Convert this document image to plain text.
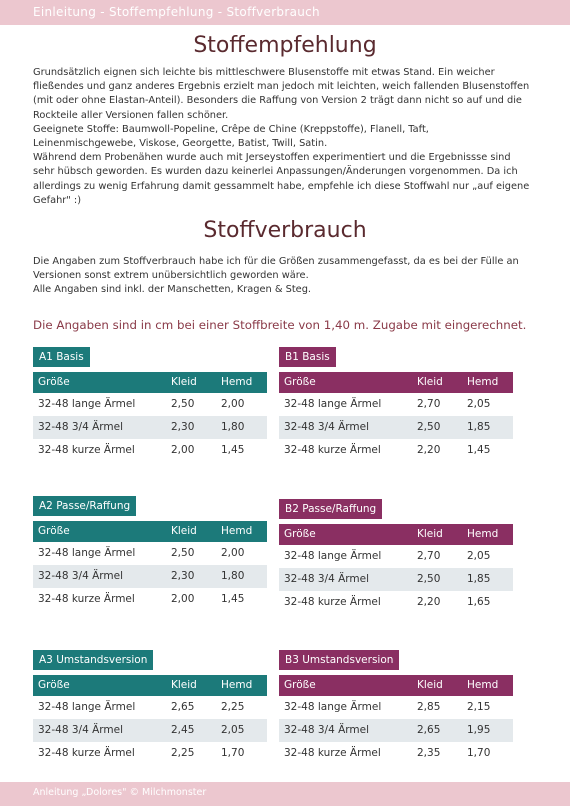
Einleitung - Stoffempfehlung - Stoffverbrauch
Stoffempfehlung

Grundsätzlich eignen sich leichte bis mittleschwere Blusenstoffe mit etwas Stand. Ein weicher fließendes und ganz anderes Ergebnis erzielt man jedoch mit leichten, weich fallenden Blusenstoffen (mit oder ohne Elastan-Anteil). Besonders die Raffung von Version 2 trägt dann nicht so auf und die Rockteile aller Versionen fallen schöner.

Geeignete Stoffe: Baumwoll-Popeline, Crêpe de Chine (Kreppstoffe), Flanell, Taft, Leinenmischgewebe, Viskose, Georgette, Batist, Twill, Satin.

Während dem Probenähen wurde auch mit Jerseystoffen experimentiert und die Ergebnissse sind sehr hübsch geworden. Es wurden dazu keinerlei Anpassungen/Änderungen vorgenommen. Da ich allerdings zu wenig Erfahrung damit gessammelt habe, empfehle ich diese Stoffwahl nur „auf eigene Gefahr" :)

Stoffverbrauch

Die Angaben zum Stoffverbrauch habe ich für die Größen zusammengefasst, da es bei der Fülle an Versionen sonst extrem unübersichtlich geworden wäre.

Alle Angaben sind inkl. der Manschetten, Kragen & Steg.

Die Angaben sind in cm bei einer Stoffbreite von 1,40 m. Zugabe mit eingerechnet.
A1 Basis
Größe	Kleid	Hemd
32-48 lange Ärmel	2,50	2,00
32-48 3/4 Ärmel	2,30	1,80
32-48 kurze Ärmel	2,00	1,45
B1 Basis
Größe	Kleid	Hemd
32-48 lange Ärmel	2,70	2,05
32-48 3/4 Ärmel	2,50	1,85
32-48 kurze Ärmel	2,20	1,45
A2 Passe/Raffung
Größe	Kleid	Hemd
32-48 lange Ärmel	2,50	2,00
32-48 3/4 Ärmel	2,30	1,80
32-48 kurze Ärmel	2,00	1,45
B2 Passe/Raffung
Größe	Kleid	Hemd
32-48 lange Ärmel	2,70	2,05
32-48 3/4 Ärmel	2,50	1,85
32-48 kurze Ärmel	2,20	1,65
A3 Umstandsversion
Größe	Kleid	Hemd
32-48 lange Ärmel	2,65	2,25
32-48 3/4 Ärmel	2,45	2,05
32-48 kurze Ärmel	2,25	1,70
B3 Umstandsversion
Größe	Kleid	Hemd
32-48 lange Ärmel	2,85	2,15
32-48 3/4 Ärmel	2,65	1,95
32-48 kurze Ärmel	2,35	1,70
Anleitung „Dolores" © Milchmonster
